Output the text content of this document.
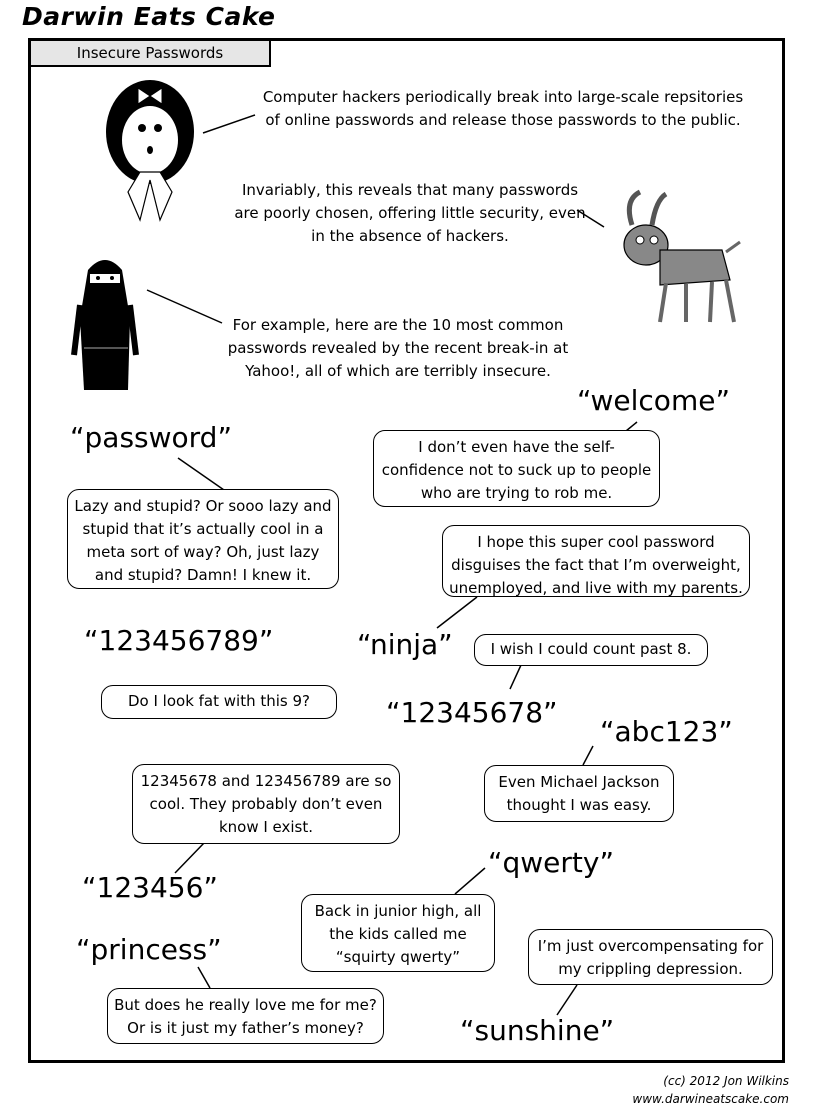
Darwin Eats Cake
Insecure Passwords
Computer hackers periodically break into large-scale repsitories of online passwords and release those passwords to the public.
Invariably, this reveals that many passwords are poorly chosen, offering little security, even in the absence of hackers.
For example, here are the 10 most common passwords revealed by the recent break-in at Yahoo!, all of which are terribly insecure.
“password”
Lazy and stupid? Or sooo lazy and stupid that it’s actually cool in a meta sort of way? Oh, just lazy and stupid? Damn! I knew it.
“welcome”
I don’t even have the self-confidence not to suck up to people who are trying to rob me.
“ninja”
I hope this super cool password disguises the fact that I’m overweight, unemployed, and live with my parents.
“123456789”
Do I look fat with this 9?	“12345678”
I wish I could count past 8.
“abc123”
Even Michael Jackson thought I was easy.
“123456”
12345678 and 123456789 are so cool. They probably don’t even know I exist.
“qwerty”
Back in junior high, all the kids called me “squirty qwerty”
“princess”
But does he really love me for me? Or is it just my father’s money?	“sunshine”
I’m just overcompensating for my crippling depression.
(cc) 2012 Jon Wilkins
www.darwineatscake.com
